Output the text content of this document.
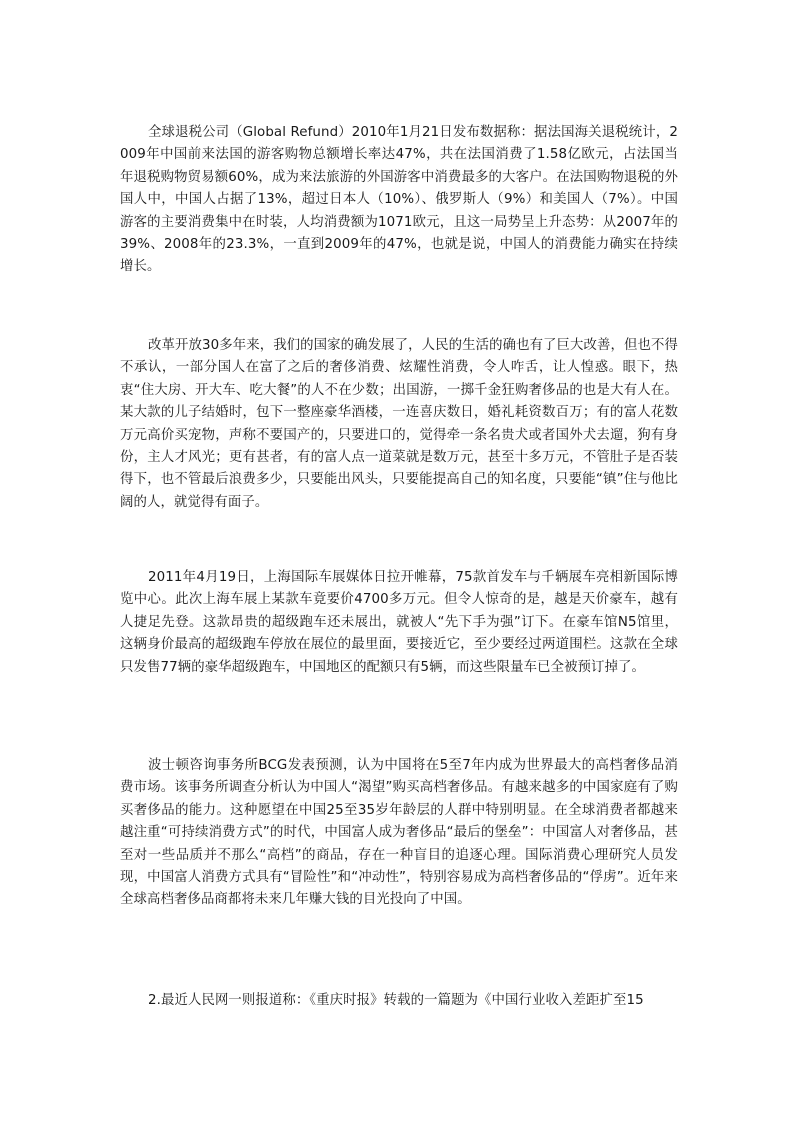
全球退税公司（Global Refund）2010年1月21日发布数据称：据法国海关退税统计，2009年中国前来法国的游客购物总额增长率达47%，共在法国消费了1.58亿欧元，占法国当年退税购物贸易额60%，成为来法旅游的外国游客中消费最多的大客户。在法国购物退税的外国人中，中国人占据了13%，超过日本人（10%）、俄罗斯人（9%）和美国人（7%）。中国游客的主要消费集中在时装，人均消费额为1071欧元，且这一局势呈上升态势：从2007年的39%、2008年的23.3%，一直到2009年的47%，也就是说，中国人的消费能力确实在持续增长。

改革开放30多年来，我们的国家的确发展了，人民的生活的确也有了巨大改善，但也不得不承认，一部分国人在富了之后的奢侈消费、炫耀性消费，令人咋舌，让人惶惑。眼下，热衷“住大房、开大车、吃大餐”的人不在少数；出国游，一掷千金狂购奢侈品的也是大有人在。某大款的儿子结婚时，包下一整座豪华酒楼，一连喜庆数日，婚礼耗资数百万；有的富人花数万元高价买宠物，声称不要国产的，只要进口的，觉得牵一条名贵犬或者国外犬去遛，狗有身份，主人才风光；更有甚者，有的富人点一道菜就是数万元，甚至十多万元，不管肚子是否装得下，也不管最后浪费多少，只要能出风头，只要能提高自己的知名度，只要能“镇”住与他比阔的人，就觉得有面子。

2011年4月19日，上海国际车展媒体日拉开帷幕，75款首发车与千辆展车亮相新国际博览中心。此次上海车展上某款车竟要价4700多万元。但令人惊奇的是，越是天价豪车，越有人捷足先登。这款昂贵的超级跑车还未展出，就被人“先下手为强”订下。在豪车馆N5馆里，这辆身价最高的超级跑车停放在展位的最里面，要接近它，至少要经过两道围栏。这款在全球只发售77辆的豪华超级跑车，中国地区的配额只有5辆，而这些限量车已全被预订掉了。

波士顿咨询事务所BCG发表预测，认为中国将在5至7年内成为世界最大的高档奢侈品消费市场。该事务所调查分析认为中国人“渴望”购买高档奢侈品。有越来越多的中国家庭有了购买奢侈品的能力。这种愿望在中国25至35岁年龄层的人群中特别明显。在全球消费者都越来越注重“可持续消费方式”的时代，中国富人成为奢侈品“最后的堡垒”：中国富人对奢侈品，甚至对一些品质并不那么“高档”的商品，存在一种盲目的追逐心理。国际消费心理研究人员发现，中国富人消费方式具有“冒险性”和“冲动性”，特别容易成为高档奢侈品的“俘虏”。近年来全球高档奢侈品商都将未来几年赚大钱的目光投向了中国。

2.最近人民网一则报道称：《重庆时报》转载的一篇题为《中国行业收入差距扩至15
